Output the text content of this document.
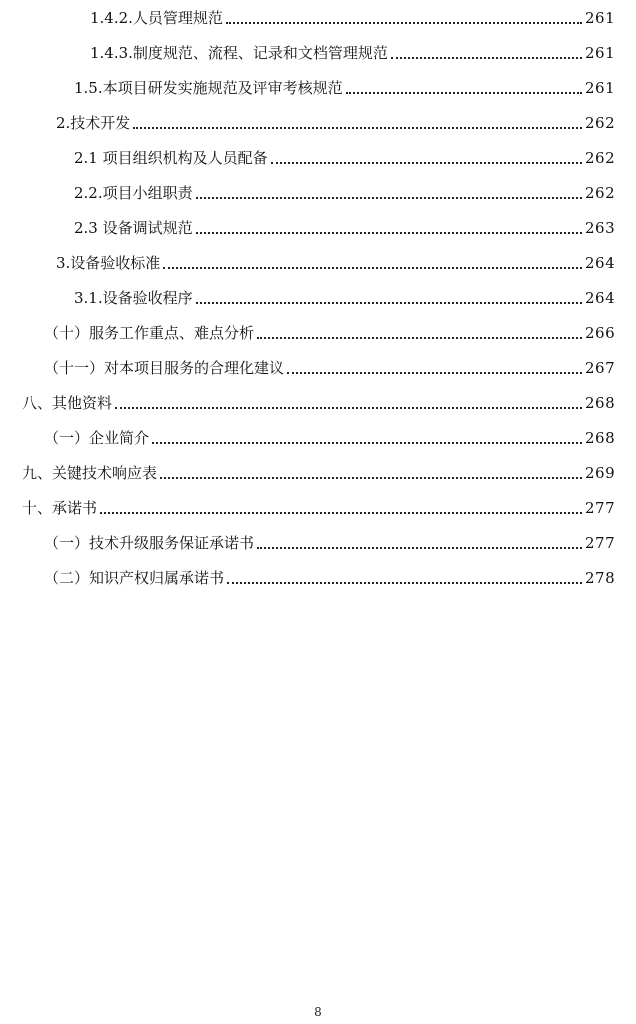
1.4.2.人员管理规范	261
1.4.3.制度规范、流程、记录和文档管理规范	261
1.5.本项目研发实施规范及评审考核规范	261
2.技术开发	262
2.1 项目组织机构及人员配备	262
2.2.项目小组职责	262
2.3 设备调试规范	263
3.设备验收标准	264
3.1.设备验收程序	264
（十）服务工作重点、难点分析	266
（十一）对本项目服务的合理化建议	267
八、其他资料	268
（一）企业简介	268
九、关键技术响应表	269
十、承诺书	277
（一）技术升级服务保证承诺书	277
（二）知识产权归属承诺书	278
8
